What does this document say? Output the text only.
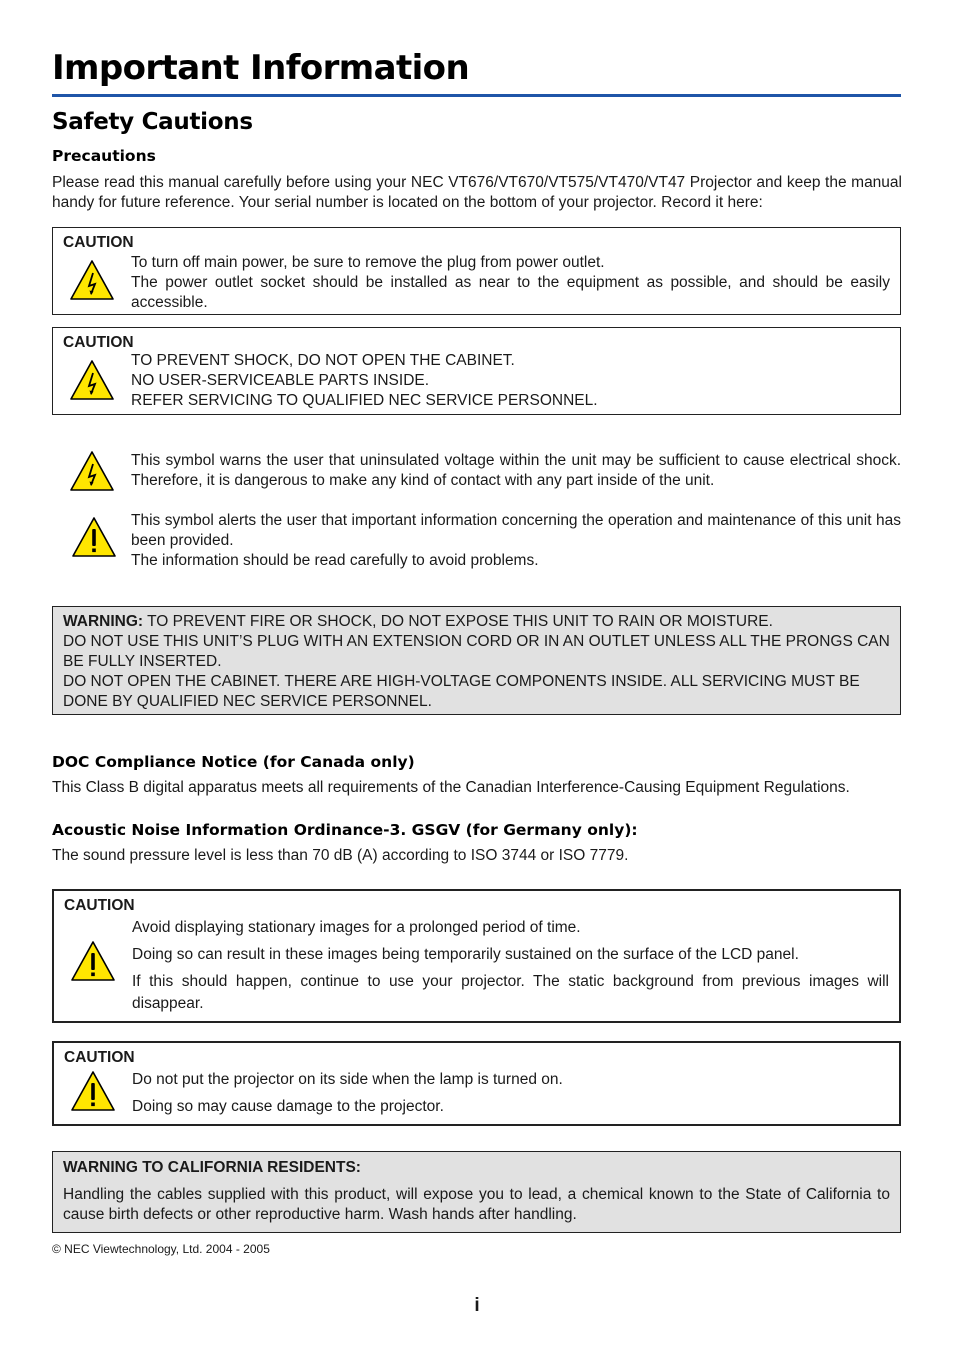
Important Information
Safety Cautions
Precautions

Please read this manual carefully before using your NEC VT676/VT670/VT575/VT470/VT47 Projector and keep the manual handy for future reference. Your serial number is located on the bottom of your projector. Record it here:

CAUTION
To turn off main power, be sure to remove the plug from power outlet.
The power outlet socket should be installed as near to the equipment as possible, and should be easily accessible.
CAUTION
TO PREVENT SHOCK, DO NOT OPEN THE CABINET.
NO USER-SERVICEABLE PARTS INSIDE.
REFER SERVICING TO QUALIFIED NEC SERVICE PERSONNEL.

This symbol warns the user that uninsulated voltage within the unit may be sufficient to cause electrical shock. Therefore, it is dangerous to make any kind of contact with any part inside of the unit.

This symbol alerts the user that important information concerning the operation and maintenance of this unit has been provided.

The information should be read carefully to avoid problems.

WARNING: TO PREVENT FIRE OR SHOCK, DO NOT EXPOSE THIS UNIT TO RAIN OR MOISTURE.
DO NOT USE THIS UNIT’S PLUG WITH AN EXTENSION CORD OR IN AN OUTLET UNLESS ALL THE PRONGS CAN BE FULLY INSERTED.
DO NOT OPEN THE CABINET. THERE ARE HIGH-VOLTAGE COMPONENTS INSIDE. ALL SERVICING MUST BE DONE BY QUALIFIED NEC SERVICE PERSONNEL.
DOC Compliance Notice (for Canada only)

This Class B digital apparatus meets all requirements of the Canadian Interference-Causing Equipment Regulations.

Acoustic Noise Information Ordinance-3. GSGV (for Germany only):

The sound pressure level is less than 70 dB (A) according to ISO 3744 or ISO 7779.

CAUTION
Avoid displaying stationary images for a prolonged period of time.
Doing so can result in these images being temporarily sustained on the surface of the LCD panel.
If this should happen, continue to use your projector. The static background from previous images will disappear.
CAUTION
Do not put the projector on its side when the lamp is turned on.
Doing so may cause damage to the projector.
WARNING TO CALIFORNIA RESIDENTS:
Handling the cables supplied with this product, will expose you to lead, a chemical known to the State of California to cause birth defects or other reproductive harm. Wash hands after handling.
© NEC Viewtechnology, Ltd. 2004 - 2005
i
